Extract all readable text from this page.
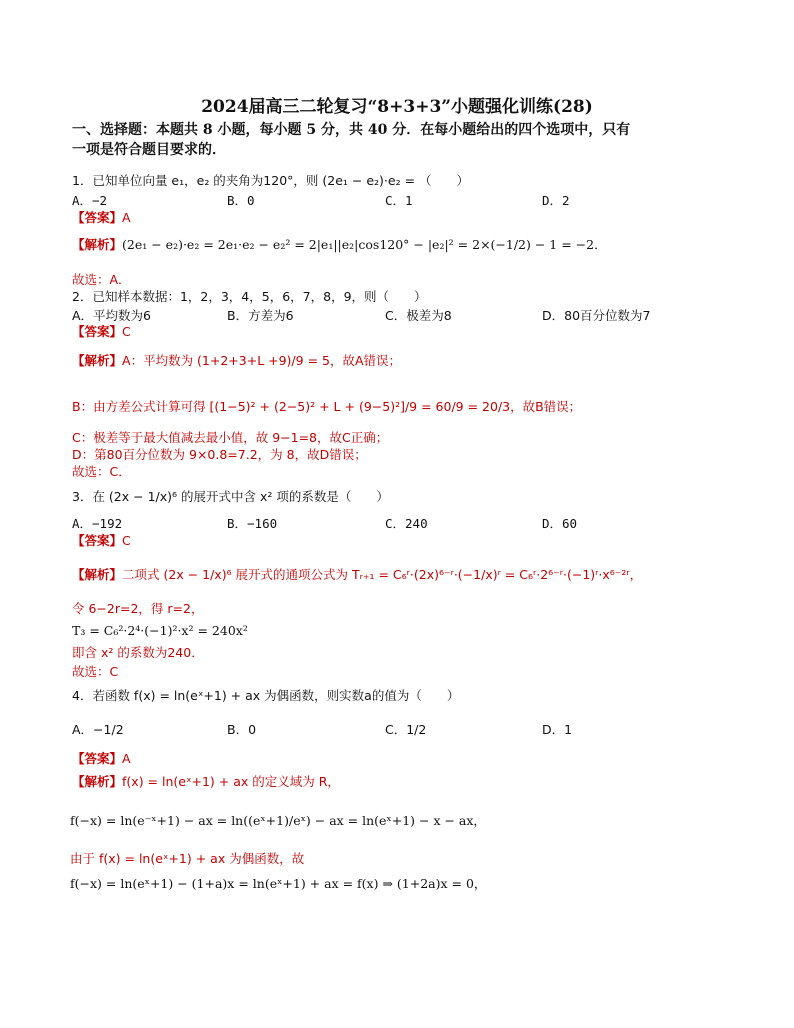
2024届高三二轮复习“8+3+3”小题强化训练(28)
一、选择题：本题共 8 小题，每小题 5 分，共 40 分．在每小题给出的四个选项中，只有
一项是符合题目要求的．
1．已知单位向量 e₁，e₂ 的夹角为120°，则 (2e₁ − e₂)·e₂ = （　　）
A．−2	B．0	C．1	D．2
【答案】A
【解析】(2e₁ − e₂)·e₂ = 2e₁·e₂ − e₂² = 2|e₁||e₂|cos120° − |e₂|² = 2×(−1/2) − 1 = −2．
故选：A．
2．已知样本数据：1，2，3，4，5，6，7，8，9，则（　　）
A．平均数为6	B．方差为6	C．极差为8	D．80百分位数为7
【答案】C
【解析】A：平均数为 (1+2+3+L +9)/9 = 5，故A错误；
B：由方差公式计算可得 [(1−5)² + (2−5)² + L + (9−5)²]/9 = 60/9 = 20/3，故B错误；
C：极差等于最大值减去最小值，故 9−1=8，故C正确；
D：第80百分位数为 9×0.8=7.2，为 8，故D错误；
故选：C．
3．在 (2x − 1/x)⁶ 的展开式中含 x² 项的系数是（　　）
A．−192	B．−160	C．240	D．60
【答案】C
【解析】二项式 (2x − 1/x)⁶ 展开式的通项公式为 Tᵣ₊₁ = C₆ʳ·(2x)⁶⁻ʳ·(−1/x)ʳ = C₆ʳ·2⁶⁻ʳ·(−1)ʳ·x⁶⁻²ʳ，
令 6−2r=2，得 r=2，
T₃ = C₆²·2⁴·(−1)²·x² = 240x²
即含 x² 的系数为240．
故选：C
4．若函数 f(x) = ln(eˣ+1) + ax 为偶函数，则实数a的值为（　　）
A．−1/2	B．0	C．1/2	D．1
【答案】A
【解析】f(x) = ln(eˣ+1) + ax 的定义域为 R，
f(−x) = ln(e⁻ˣ+1) − ax = ln((eˣ+1)/eˣ) − ax = ln(eˣ+1) − x − ax，
由于 f(x) = ln(eˣ+1) + ax 为偶函数，故
f(−x) = ln(eˣ+1) − (1+a)x = ln(eˣ+1) + ax = f(x) ⇒ (1+2a)x = 0，
